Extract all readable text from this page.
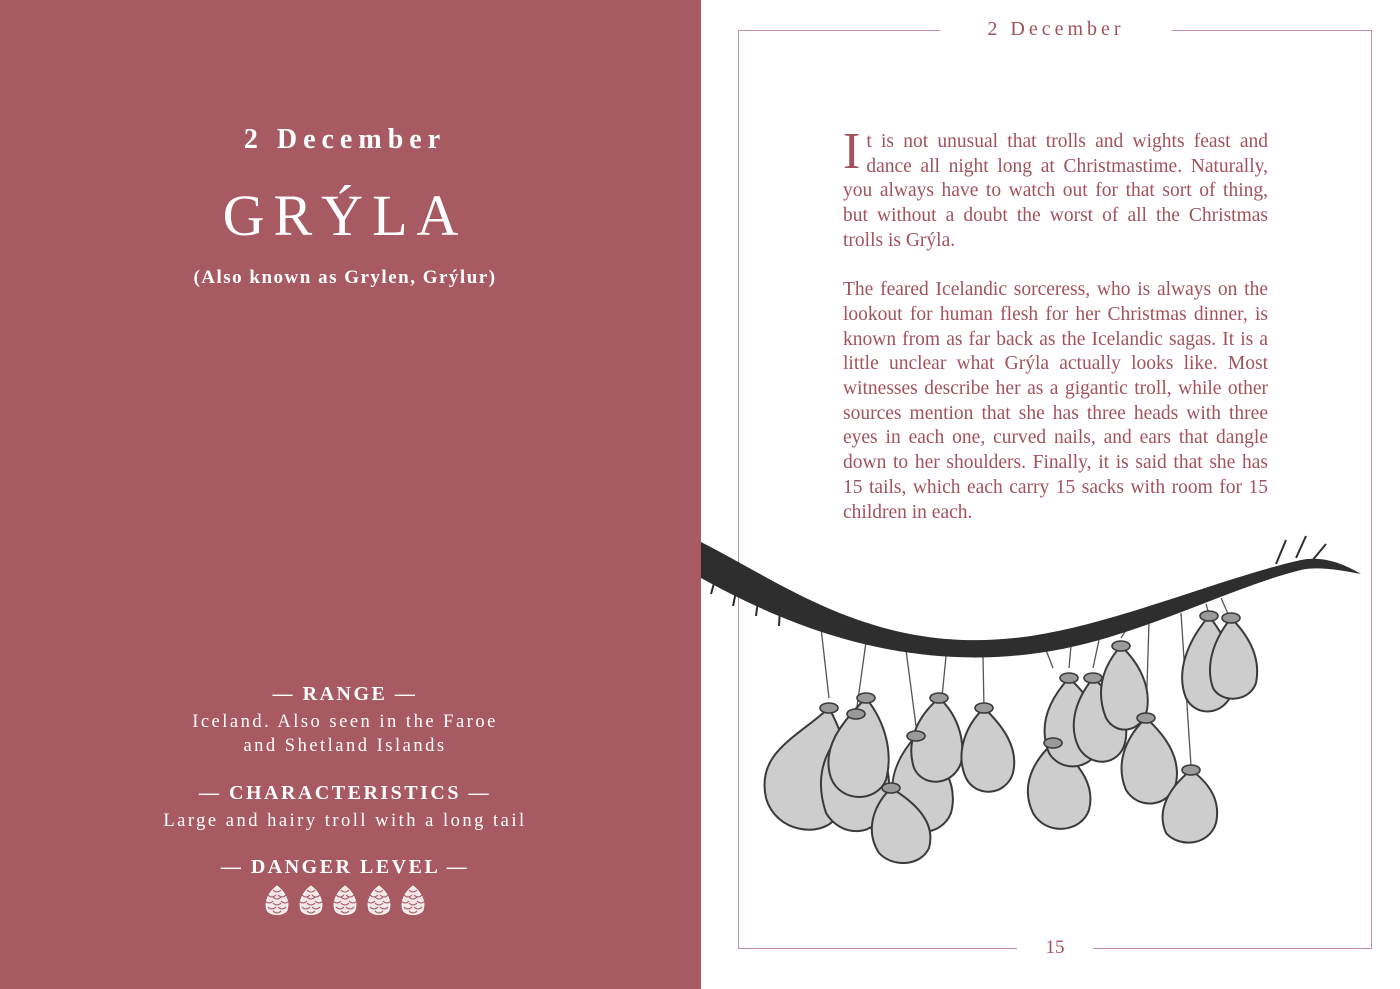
2 December
GRÝLA
(Also known as Grylen, Grýlur)
— RANGE —
Iceland. Also seen in the Faroe
and Shetland Islands
— CHARACTERISTICS —
Large and hairy troll with a long tail
— DANGER LEVEL —
2 December

It is not unusual that trolls and wights feast and dance all night long at Christmastime. Naturally, you always have to watch out for that sort of thing, but without a doubt the worst of all the Christmas trolls is Grýla.

The feared Icelandic sorceress, who is always on the lookout for human flesh for her Christmas dinner, is known from as far back as the Icelandic sagas. It is a little unclear what Grýla actually looks like. Most witnesses describe her as a gigantic troll, while other sources mention that she has three heads with three eyes in each one, curved nails, and ears that dangle down to her shoulders. Finally, it is said that she has 15 tails, which each carry 15 sacks with room for 15 children in each.

15
